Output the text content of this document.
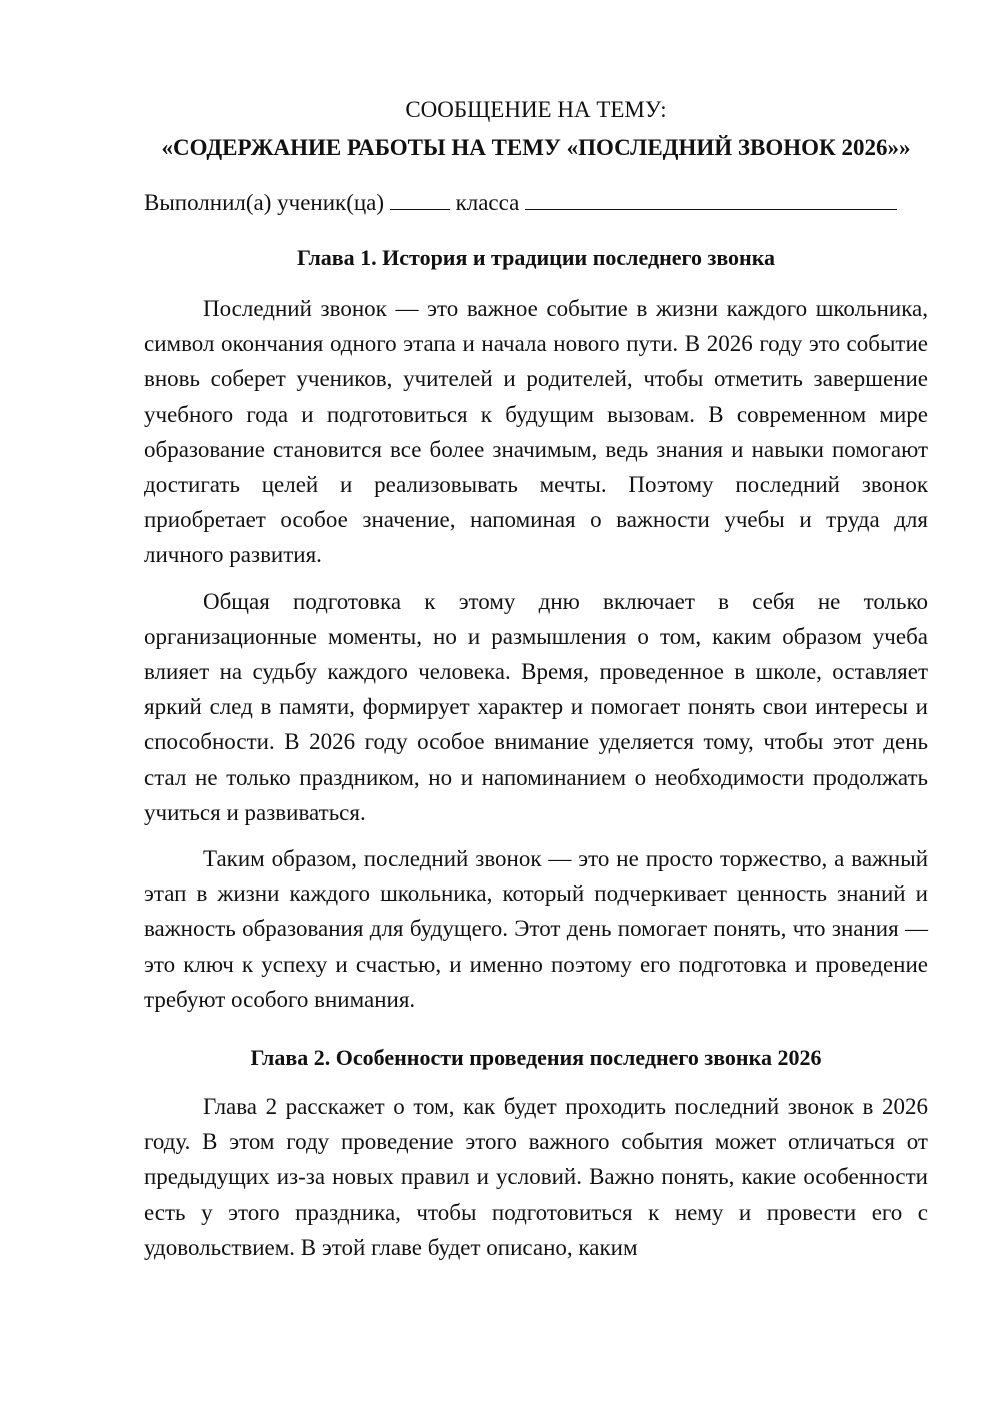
СООБЩЕНИЕ НА ТЕМУ:

«СОДЕРЖАНИЕ РАБОТЫ НА ТЕМУ «ПОСЛЕДНИЙ ЗВОНОК 2026»»

Выполнил(а) ученик(ца)	класса
Глава 1. История и традиции последнего звонка

Последний звонок — это важное событие в жизни каждого школьника, символ окончания одного этапа и начала нового пути. В 2026 году это событие вновь соберет учеников, учителей и родителей, чтобы отметить завершение учебного года и подготовиться к будущим вызовам. В современном мире образование становится все более значимым, ведь знания и навыки помогают достигать целей и реализовывать мечты. Поэтому последний звонок приобретает особое значение, напоминая о важности учебы и труда для личного развития.

Общая подготовка к этому дню включает в себя не только организационные моменты, но и размышления о том, каким образом учеба влияет на судьбу каждого человека. Время, проведенное в школе, оставляет яркий след в памяти, формирует характер и помогает понять свои интересы и способности. В 2026 году особое внимание уделяется тому, чтобы этот день стал не только праздником, но и напоминанием о необходимости продолжать учиться и развиваться.

Таким образом, последний звонок — это не просто торжество, а важный этап в жизни каждого школьника, который подчеркивает ценность знаний и важность образования для будущего. Этот день помогает понять, что знания — это ключ к успеху и счастью, и именно поэтому его подготовка и проведение требуют особого внимания.

Глава 2. Особенности проведения последнего звонка 2026

Глава 2 расскажет о том, как будет проходить последний звонок в 2026 году. В этом году проведение этого важного события может отличаться от предыдущих из-за новых правил и условий. Важно понять, какие особенности есть у этого праздника, чтобы подготовиться к нему и провести его с удовольствием. В этой главе будет описано, каким
